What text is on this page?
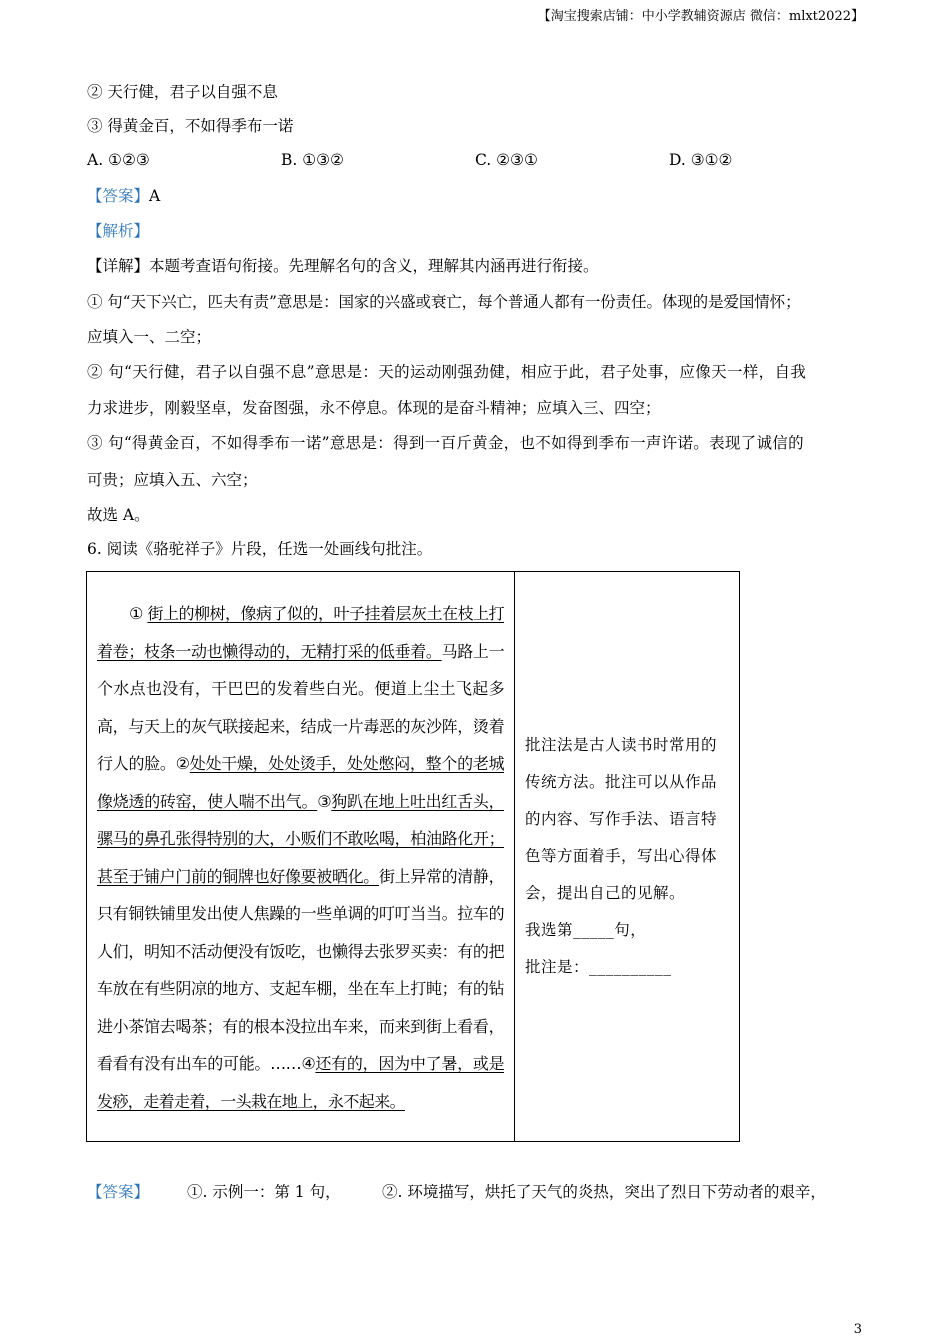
【淘宝搜索店铺：中小学教辅资源店 微信：mlxt2022】
② 天行健，君子以自强不息
③ 得黄金百，不如得季布一诺
A. ①②③	B. ①③②	C. ②③①	D. ③①②
【答案】A
【解析】
【详解】本题考查语句衔接。先理解名句的含义，理解其内涵再进行衔接。
① 句“天下兴亡，匹夫有责”意思是：国家的兴盛或衰亡，每个普通人都有一份责任。体现的是爱国情怀；
应填入一、二空；
② 句“天行健，君子以自强不息”意思是：天的运动刚强劲健，相应于此，君子处事，应像天一样，自我
力求进步，刚毅坚卓，发奋图强，永不停息。体现的是奋斗精神；应填入三、四空；
③ 句“得黄金百，不如得季布一诺”意思是：得到一百斤黄金，也不如得到季布一声许诺。表现了诚信的
可贵；应填入五、六空；
故选 A。
6. 阅读《骆驼祥子》片段，任选一处画线句批注。
① 街上的柳树，像病了似的，叶子挂着层灰土在枝上打着卷；枝条一动也懒得动的，无精打采的低垂着。马路上一个水点也没有，干巴巴的发着些白光。便道上尘土飞起多高，与天上的灰气联接起来，结成一片毒恶的灰沙阵，烫着行人的脸。②处处干燥，处处烫手，处处憋闷，整个的老城像烧透的砖窑，使人喘不出气。③狗趴在地上吐出红舌头，骡马的鼻孔张得特别的大，小贩们不敢吆喝，柏油路化开；甚至于铺户门前的铜牌也好像要被晒化。街上异常的清静，只有铜铁铺里发出使人焦躁的一些单调的叮叮当当。拉车的人们，明知不活动便没有饭吃，也懒得去张罗买卖：有的把车放在有些阴凉的地方、支起车棚，坐在车上打盹；有的钻进小茶馆去喝茶；有的根本没拉出车来，而来到街上看看，看看有没有出车的可能。……④还有的，因为中了暑，或是发痧，走着走着，一头栽在地上，永不起来。

批注法是古人读书时常用的
传统方法。批注可以从作品
的内容、写作手法、语言特
色等方面着手，写出心得体
会，提出自己的见解。
我选第_____句，
批注是：__________
【答案】 ①. 示例一：第 1 句，	②. 环境描写，烘托了天气的炎热，突出了烈日下劳动者的艰辛，
3
